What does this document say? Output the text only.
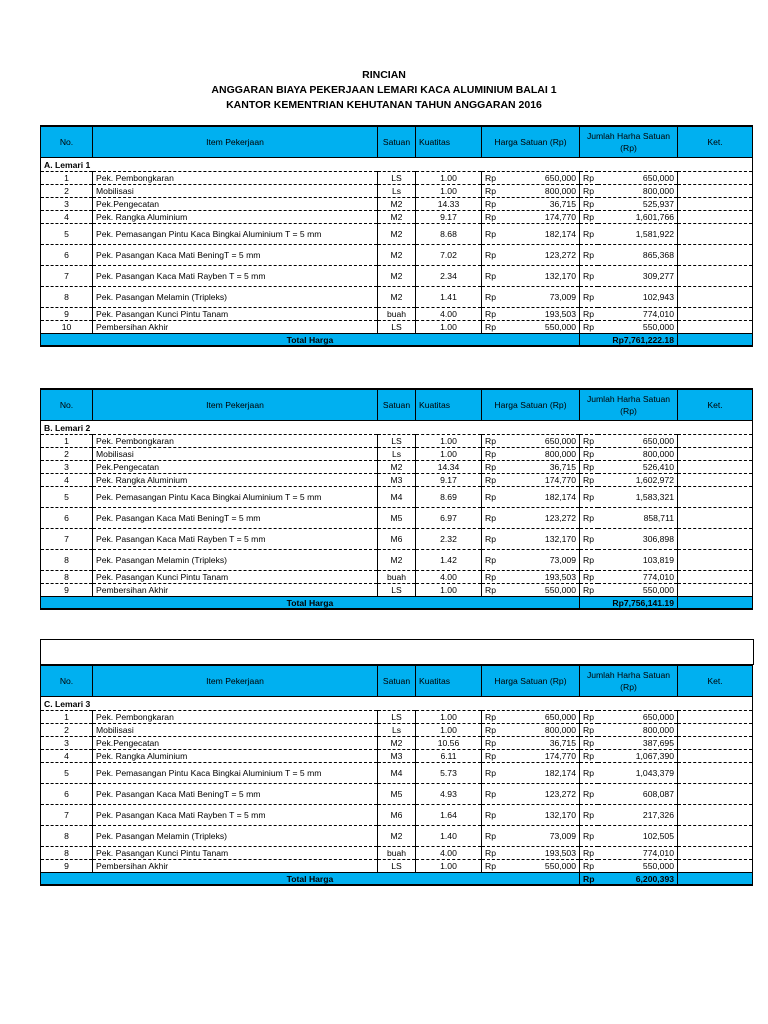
RINCIAN
ANGGARAN BIAYA PEKERJAAN LEMARI KACA ALUMINIUM BALAI 1
KANTOR KEMENTRIAN KEHUTANAN TAHUN ANGGARAN 2016
No.	Item Pekerjaan	Satuan	Kuatitas	Harga Satuan (Rp)	Jumlah Harha Satuan (Rp)		Ket.
A. Lemari 1							
1	Pek. Pembongkaran	LS	1.00	Rp 650,000	Rp	650,000	
2	Mobilisasi	Ls	1.00	Rp 800,000	Rp	800,000	
3	Pek.Pengecatan	M2	14.33	Rp 36,715	Rp	525,937	
4	Pek. Rangka Aluminium	M2	9.17	Rp 174,770	Rp	1,601,766	
5	Pek. Pemasangan Pintu Kaca Bingkai Aluminium T = 5 mm	M2	8.68	Rp 182,174	Rp	1,581,922	
6	Pek. Pasangan Kaca Mati BeningT = 5 mm	M2	7.02	Rp 123,272	Rp	865,368	
7	Pek. Pasangan Kaca Mati Rayben T = 5 mm	M2	2.34	Rp 132,170	Rp	309,277	
8	Pek. Pasangan Melamin (Tripleks)	M2	1.41	Rp 73,009	Rp	102,943	
9	Pek. Pasangan Kunci Pintu Tanam	buah	4.00	Rp 193,503	Rp	774,010	
10	Pembersihan Akhir	LS	1.00	Rp 550,000	Rp	550,000	
Total Harga					Rp7,761,222.18		
No.	Item Pekerjaan	Satuan	Kuatitas	Harga Satuan (Rp)	Jumlah Harha Satuan (Rp)		Ket.
B. Lemari 2							
1	Pek. Pembongkaran	LS	1.00	Rp 650,000	Rp	650,000	
2	Mobilisasi	Ls	1.00	Rp 800,000	Rp	800,000	
3	Pek.Pengecatan	M2	14.34	Rp 36,715	Rp	526,410	
4	Pek. Rangka Aluminium	M3	9.17	Rp 174,770	Rp	1,602,972	
5	Pek. Pemasangan Pintu Kaca Bingkai Aluminium T = 5 mm	M4	8.69	Rp 182,174	Rp	1,583,321	
6	Pek. Pasangan Kaca Mati BeningT = 5 mm	M5	6.97	Rp 123,272	Rp	858,711	
7	Pek. Pasangan Kaca Mati Rayben T = 5 mm	M6	2.32	Rp 132,170	Rp	306,898	
8	Pek. Pasangan Melamin (Tripleks)	M2	1.42	Rp 73,009	Rp	103,819	
8	Pek. Pasangan Kunci Pintu Tanam	buah	4.00	Rp 193,503	Rp	774,010	
9	Pembersihan Akhir	LS	1.00	Rp 550,000	Rp	550,000	
Total Harga					Rp7,756,141.19		
No.	Item Pekerjaan	Satuan	Kuatitas	Harga Satuan (Rp)	Jumlah Harha Satuan (Rp)		Ket.
C. Lemari 3							
1	Pek. Pembongkaran	LS	1.00	Rp 650,000	Rp	650,000	
2	Mobilisasi	Ls	1.00	Rp 800,000	Rp	800,000	
3	Pek.Pengecatan	M2	10.56	Rp 36,715	Rp	387,695	
4	Pek. Rangka Aluminium	M3	6.11	Rp 174,770	Rp	1,067,390	
5	Pek. Pemasangan Pintu Kaca Bingkai Aluminium T = 5 mm	M4	5.73	Rp 182,174	Rp	1,043,379	
6	Pek. Pasangan Kaca Mati BeningT = 5 mm	M5	4.93	Rp 123,272	Rp	608,087	
7	Pek. Pasangan Kaca Mati Rayben T = 5 mm	M6	1.64	Rp 132,170	Rp	217,326	
8	Pek. Pasangan Melamin (Tripleks)	M2	1.40	Rp 73,009	Rp	102,505	
8	Pek. Pasangan Kunci Pintu Tanam	buah	4.00	Rp 193,503	Rp	774,010	
9	Pembersihan Akhir	LS	1.00	Rp 550,000	Rp	550,000	
Total Harga					Rp	6,200,393	
